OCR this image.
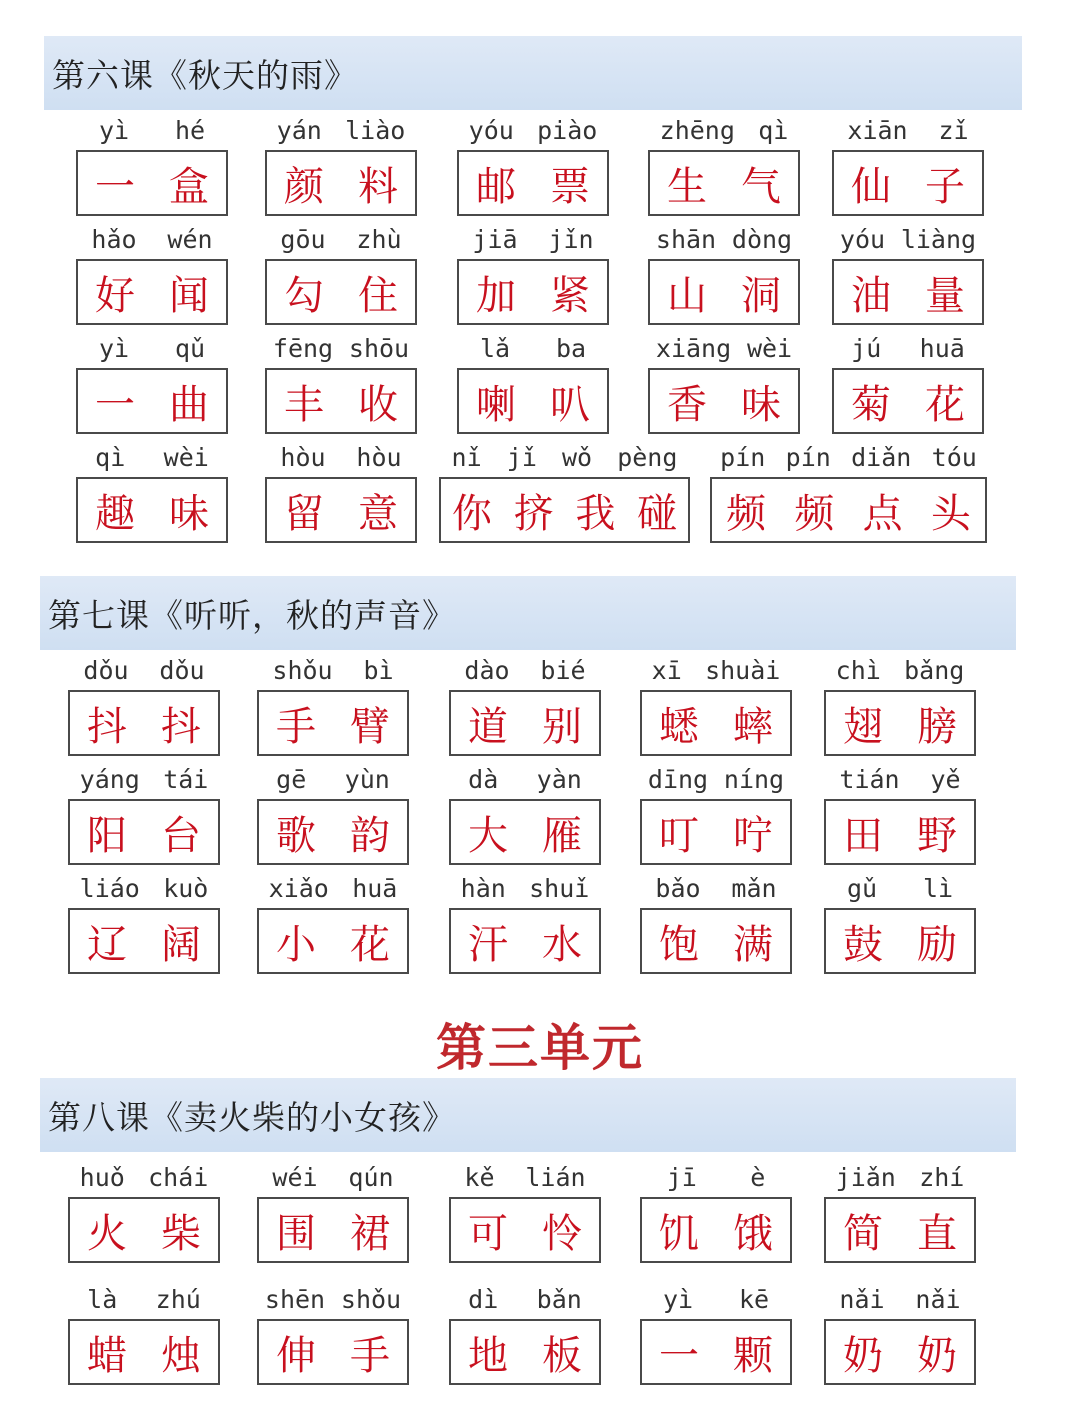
第六课《秋天的雨》
第七课《听听，秋的声音》
第三单元
第八课《卖火柴的小女孩》
yì hé
一 盒
yán liào
颜 料
yóu piào
邮 票
zhēng qì
生 气
xiān zǐ
仙 子
hǎo wén
好 闻
gōu zhù
勾 住
jiā jǐn
加 紧
shān dòng
山 洞
yóu liàng
油 量
yì qǔ
一 曲
fēng shōu
丰 收
lǎ ba
喇 叭
xiāng wèi
香 味
jú huā
菊 花
qì wèi
趣 味
hòu hòu
留 意
nǐ jǐ wǒ pèng
你 挤 我 碰
pín pín diǎn tóu
频 频 点 头
dǒu dǒu
抖 抖
shǒu bì
手 臂
dào bié
道 别
xī shuài
蟋 蟀
chì bǎng
翅 膀
yáng tái
阳 台
gē yùn
歌 韵
dà yàn
大 雁
dīng níng
叮 咛
tián yě
田 野
liáo kuò
辽 阔
xiǎo huā
小 花
hàn shuǐ
汗 水
bǎo mǎn
饱 满
gǔ lì
鼓 励
huǒ chái
火 柴
wéi qún
围 裙
kě lián
可 怜
jī è
饥 饿
jiǎn zhí
简 直
là zhú
蜡 烛
shēn shǒu
伸 手
dì bǎn
地 板
yì kē
一 颗
nǎi nǎi
奶 奶
